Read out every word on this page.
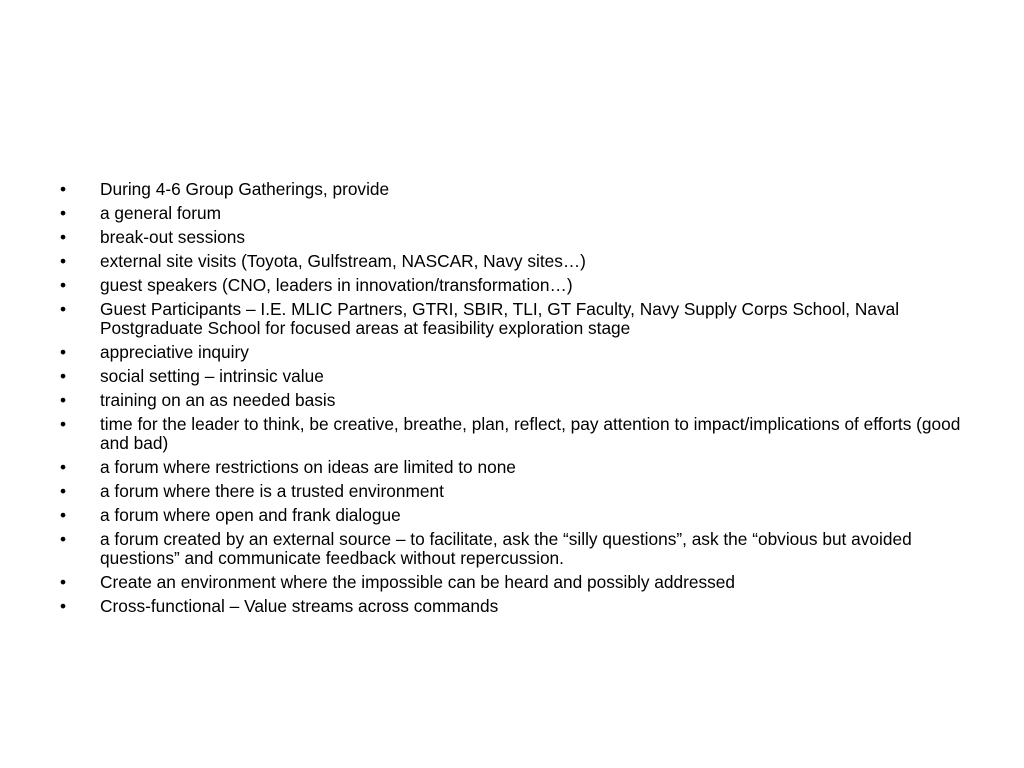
•	During 4-6 Group Gatherings, provide
•	a general forum
•	break-out sessions
•	external site visits (Toyota, Gulfstream, NASCAR, Navy sites…)
•	guest speakers (CNO, leaders in innovation/transformation…)
•	Guest Participants – I.E. MLIC Partners, GTRI, SBIR, TLI, GT Faculty, Navy Supply Corps School, Naval Postgraduate School for focused areas at feasibility exploration stage
•	appreciative inquiry
•	social setting – intrinsic value
•	training on an as needed basis
•	time for the leader to think, be creative, breathe, plan, reflect, pay attention to impact/implications of efforts (good and bad)
•	a forum where restrictions on ideas are limited to none
•	a forum where there is a trusted environment
•	a forum where open and frank dialogue
•	a forum created by an external source – to facilitate, ask the “silly questions”, ask the “obvious but avoided questions” and communicate feedback without repercussion.
•	Create an environment where the impossible can be heard and possibly addressed
•	Cross-functional – Value streams across commands
